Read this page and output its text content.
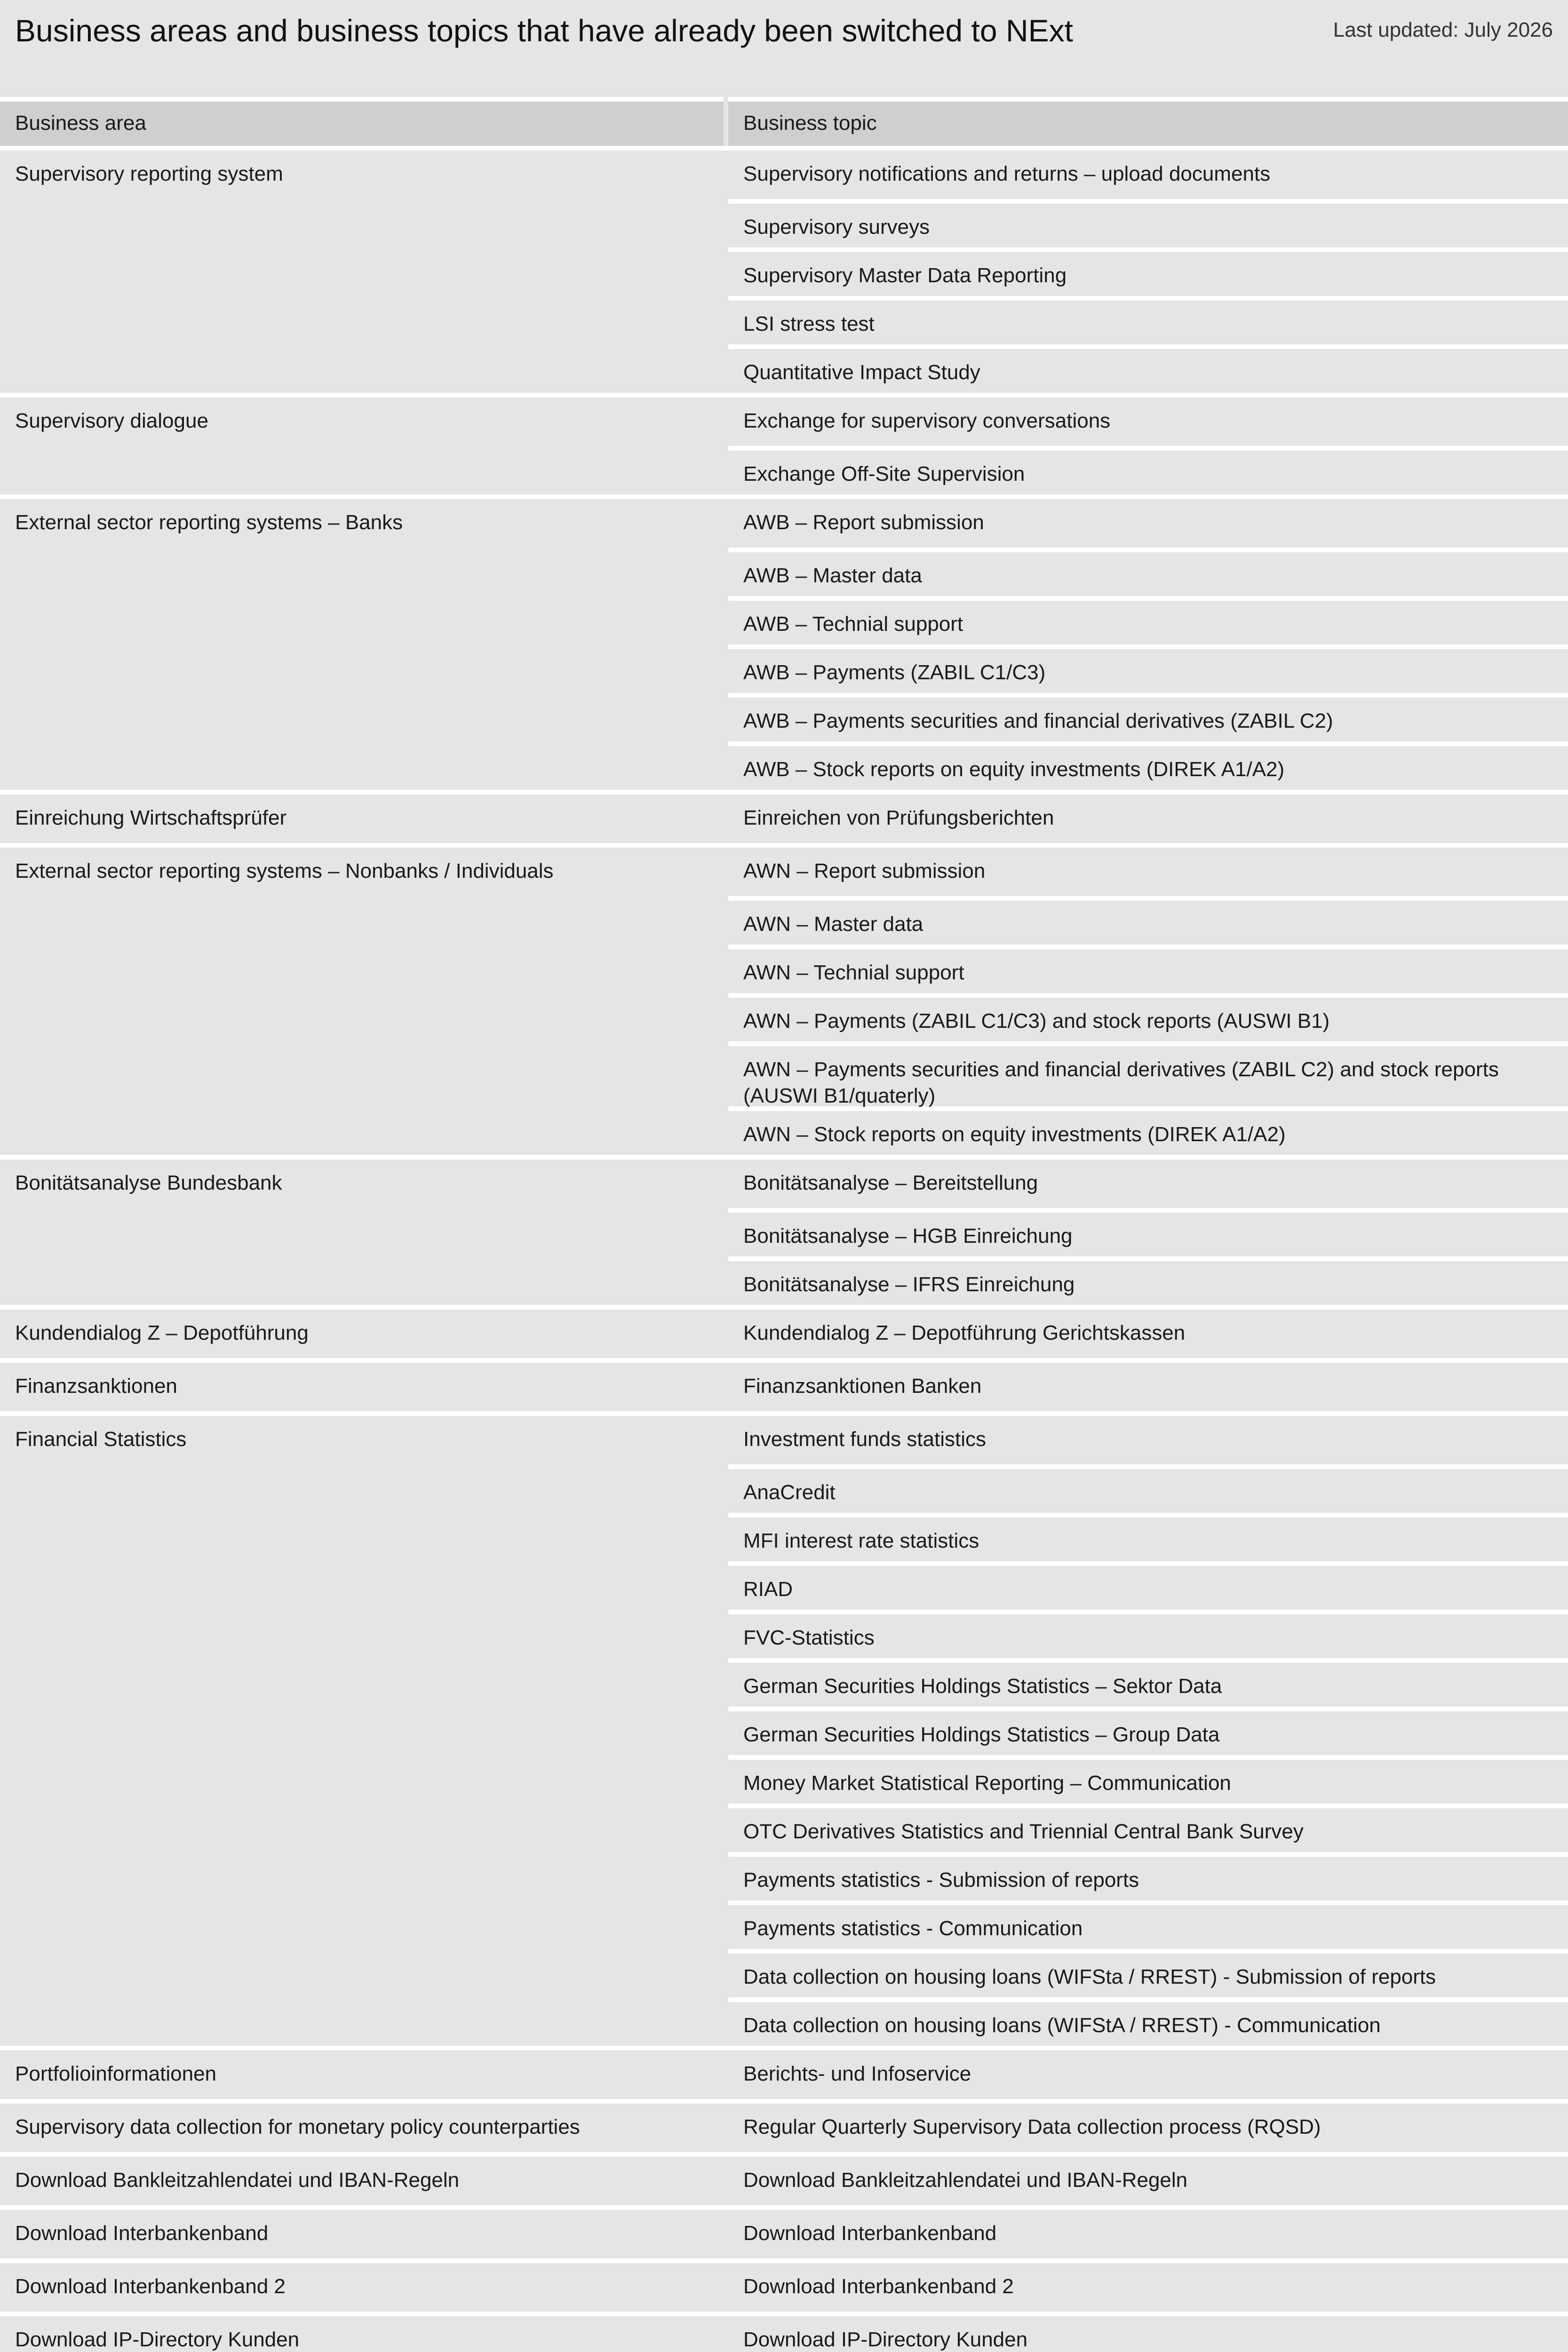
Business areas and business topics that have already been switched to NExt	Last updated: July 2026
Business area	Business topic
Supervisory reporting system	Supervisory notifications and returns – upload documents
Supervisory surveys
Supervisory Master Data Reporting
LSI stress test
Quantitative Impact Study
Supervisory dialogue	Exchange for supervisory conversations
Exchange Off-Site Supervision
External sector reporting systems – Banks	AWB – Report submission
AWB – Master data
AWB – Technial support
AWB – Payments (ZABIL C1/C3)
AWB – Payments securities and financial derivatives (ZABIL C2)
AWB – Stock reports on equity investments (DIREK A1/A2)
Einreichung Wirtschaftsprüfer	Einreichen von Prüfungsberichten
External sector reporting systems – Nonbanks / Individuals	AWN – Report submission
AWN – Master data
AWN – Technial support
AWN – Payments (ZABIL C1/C3) and stock reports (AUSWI B1)
AWN – Payments securities and financial derivatives (ZABIL C2) and stock reports (AUSWI B1/quaterly)
AWN – Stock reports on equity investments (DIREK A1/A2)
Bonitätsanalyse Bundesbank	Bonitätsanalyse – Bereitstellung
Bonitätsanalyse – HGB Einreichung
Bonitätsanalyse – IFRS Einreichung
Kundendialog Z – Depotführung	Kundendialog Z – Depotführung Gerichtskassen
Finanzsanktionen	Finanzsanktionen Banken
Financial Statistics	Investment funds statistics
AnaCredit
MFI interest rate statistics
RIAD
FVC-Statistics
German Securities Holdings Statistics – Sektor Data
German Securities Holdings Statistics – Group Data
Money Market Statistical Reporting – Communication
OTC Derivatives Statistics and Triennial Central Bank Survey
Payments statistics - Submission of reports
Payments statistics - Communication
Data collection on housing loans (WIFSta / RREST) - Submission of reports
Data collection on housing loans (WIFStA / RREST) - Communication
Portfolioinformationen	Berichts- und Infoservice
Supervisory data collection for monetary policy counterparties	Regular Quarterly Supervisory Data collection process (RQSD)
Download Bankleitzahlendatei und IBAN-Regeln	Download Bankleitzahlendatei und IBAN-Regeln
Download Interbankenband	Download Interbankenband
Download Interbankenband 2	Download Interbankenband 2
Download IP-Directory Kunden	Download IP-Directory Kunden
